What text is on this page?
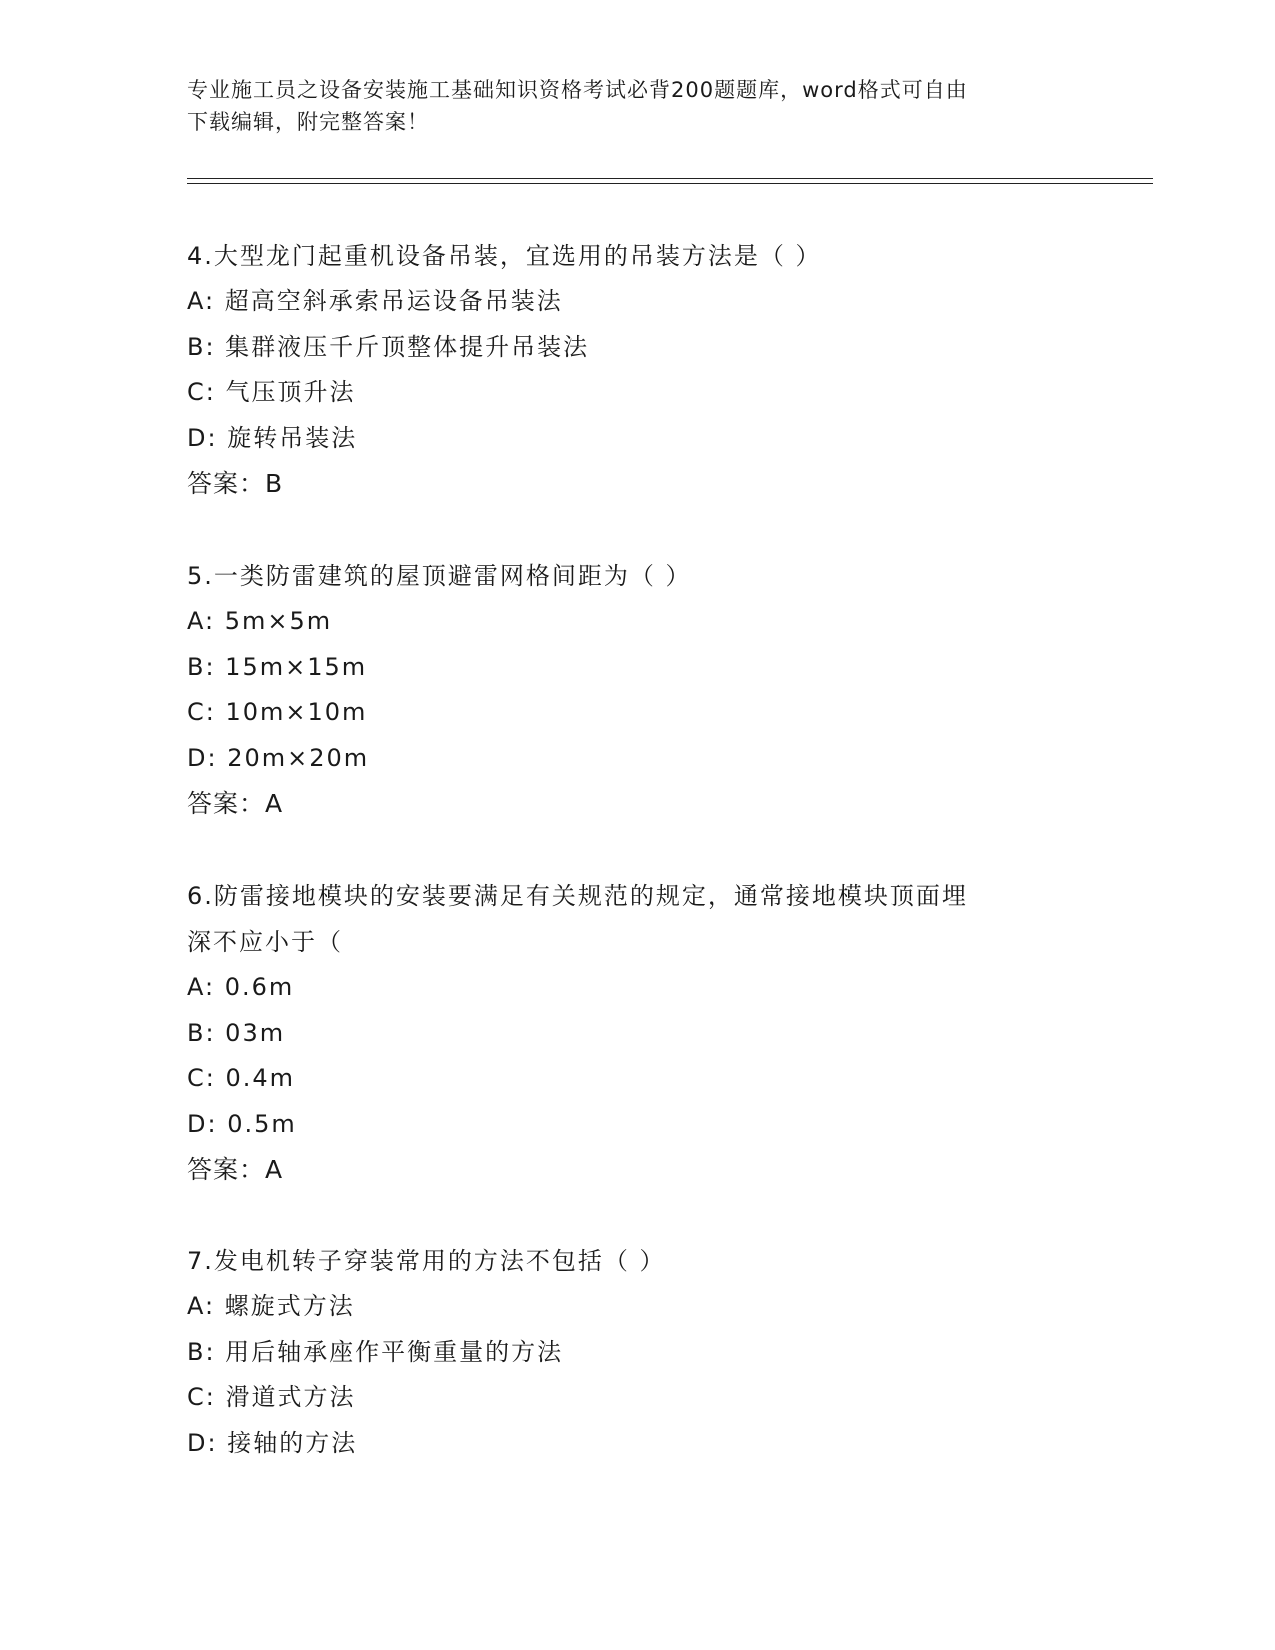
专业施工员之设备安装施工基础知识资格考试必背200题题库，word格式可自由
下载编辑，附完整答案！

4.大型龙门起重机设备吊装，宜选用的吊装方法是（ ）

A: 超高空斜承索吊运设备吊装法

B: 集群液压千斤顶整体提升吊装法

C: 气压顶升法

D: 旋转吊装法

答案：B

5.一类防雷建筑的屋顶避雷网格间距为（ ）

A: 5m×5m

B: 15m×15m

C: 10m×10m

D: 20m×20m

答案：A

6.防雷接地模块的安装要满足有关规范的规定，通常接地模块顶面埋

深不应小于（

A: 0.6m

B: 03m

C: 0.4m

D: 0.5m

答案：A

7.发电机转子穿装常用的方法不包括（ ）

A: 螺旋式方法

B: 用后轴承座作平衡重量的方法

C: 滑道式方法

D: 接轴的方法
